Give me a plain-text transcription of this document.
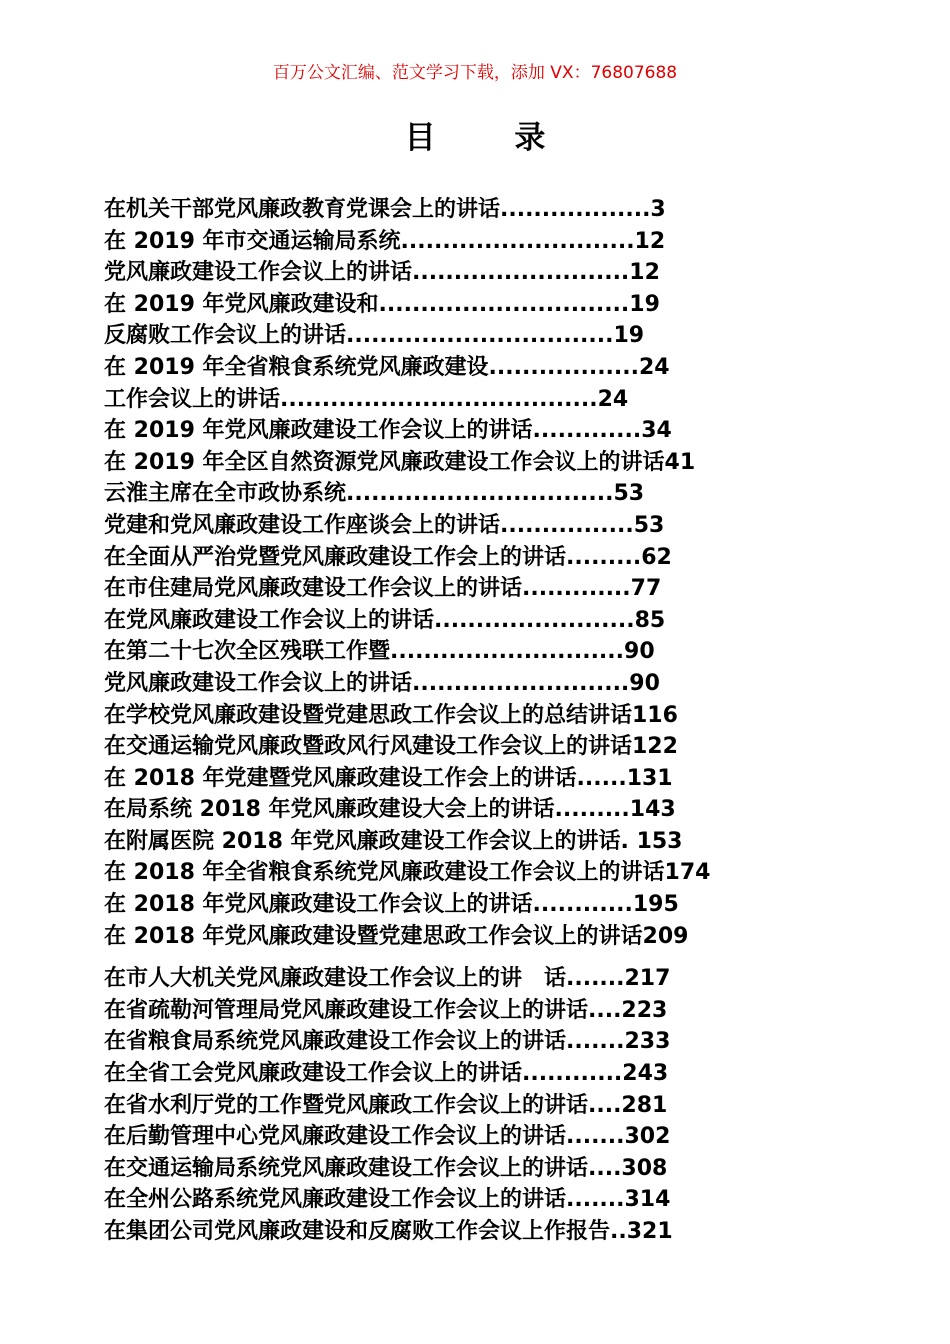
百万公文汇编、范文学习下载，添加 VX：76807688
目 录
在机关干部党风廉政教育党课会上的讲话..................3
在 2019 年市交通运输局系统............................12
党风廉政建设工作会议上的讲话..........................12
在 2019 年党风廉政建设和..............................19
反腐败工作会议上的讲话................................19
在 2019 年全省粮食系统党风廉政建设..................24
工作会议上的讲话......................................24
在 2019 年党风廉政建设工作会议上的讲话.............34
在 2019 年全区自然资源党风廉政建设工作会议上的讲话41
云淮主席在全市政协系统................................53
党建和党风廉政建设工作座谈会上的讲话................53
在全面从严治党暨党风廉政建设工作会上的讲话.........62
在市住建局党风廉政建设工作会议上的讲话.............77
在党风廉政建设工作会议上的讲话........................85
在第二十七次全区残联工作暨............................90
党风廉政建设工作会议上的讲话..........................90
在学校党风廉政建设暨党建思政工作会议上的总结讲话116
在交通运输党风廉政暨政风行风建设工作会议上的讲话122
在 2018 年党建暨党风廉政建设工作会上的讲话......131
在局系统 2018 年党风廉政建设大会上的讲话.........143
在附属医院 2018 年党风廉政建设工作会议上的讲话. 153
在 2018 年全省粮食系统党风廉政建设工作会议上的讲话174
在 2018 年党风廉政建设工作会议上的讲话............195
在 2018 年党风廉政建设暨党建思政工作会议上的讲话209
在市人大机关党风廉政建设工作会议上的讲　话.......217
在省疏勒河管理局党风廉政建设工作会议上的讲话....223
在省粮食局系统党风廉政建设工作会议上的讲话.......233
在全省工会党风廉政建设工作会议上的讲话............243
在省水利厅党的工作暨党风廉政工作会议上的讲话....281
在后勤管理中心党风廉政建设工作会议上的讲话.......302
在交通运输局系统党风廉政建设工作会议上的讲话....308
在全州公路系统党风廉政建设工作会议上的讲话.......314
在集团公司党风廉政建设和反腐败工作会议上作报告..321
